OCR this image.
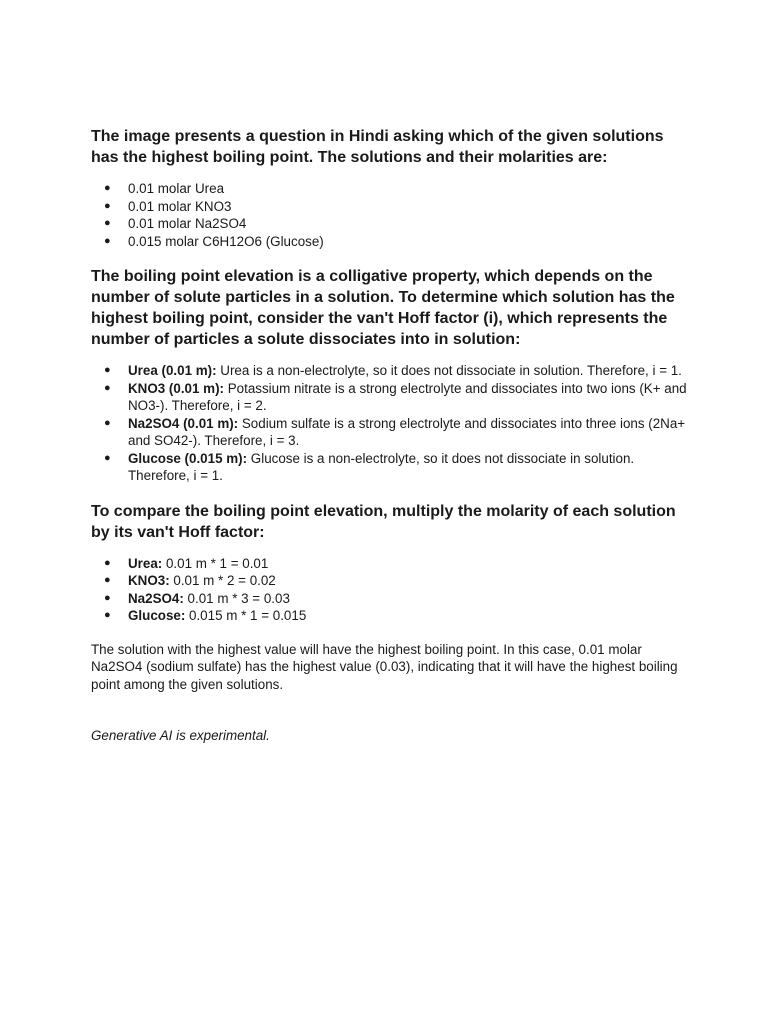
The image presents a question in Hindi asking which of the given solutions has the highest boiling point. The solutions and their molarities are:

● 0.01 molar Urea
● 0.01 molar KNO3
● 0.01 molar Na2SO4
● 0.015 molar C6H12O6 (Glucose)

The boiling point elevation is a colligative property, which depends on the number of solute particles in a solution. To determine which solution has the highest boiling point, consider the van't Hoff factor (i), which represents the number of particles a solute dissociates into in solution:

● Urea (0.01 m): Urea is a non-electrolyte, so it does not dissociate in solution. Therefore, i = 1.
● KNO3 (0.01 m): Potassium nitrate is a strong electrolyte and dissociates into two ions (K+ and NO3-). Therefore, i = 2.
● Na2SO4 (0.01 m): Sodium sulfate is a strong electrolyte and dissociates into three ions (2Na+ and SO42-). Therefore, i = 3.
● Glucose (0.015 m): Glucose is a non-electrolyte, so it does not dissociate in solution. Therefore, i = 1.

To compare the boiling point elevation, multiply the molarity of each solution by its van't Hoff factor:

● Urea: 0.01 m * 1 = 0.01
● KNO3: 0.01 m * 2 = 0.02
● Na2SO4: 0.01 m * 3 = 0.03
● Glucose: 0.015 m * 1 = 0.015

The solution with the highest value will have the highest boiling point. In this case, 0.01 molar Na2SO4 (sodium sulfate) has the highest value (0.03), indicating that it will have the highest boiling point among the given solutions.

Generative AI is experimental.
